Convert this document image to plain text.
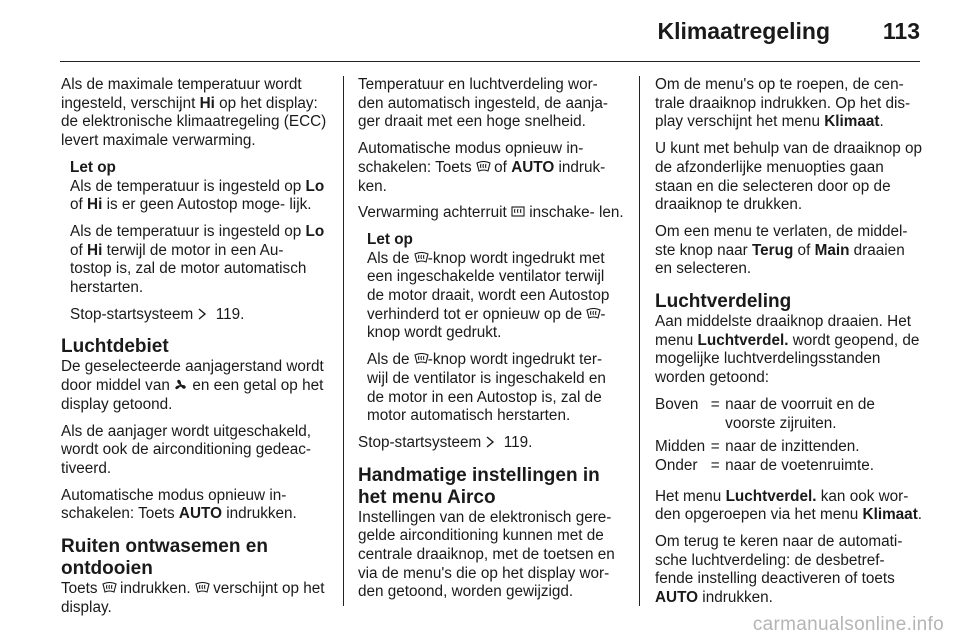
Klimaatregeling 113

Als de maximale temperatuur wordt ingesteld, verschijnt Hi op het display: de elektronische klimaatregeling (ECC) levert maximale verwarming.

Let op

Als de temperatuur is ingesteld op Lo of Hi is er geen Autostop moge- lijk.

Als de temperatuur is ingesteld op Lo of Hi terwijl de motor in een Au- tostop is, zal de motor automatisch herstarten.

Stop-startsysteem
119.

Luchtdebiet

De geselecteerde aanjagerstand wordt door middel van
en een getal op het display getoond.

Als de aanjager wordt uitgeschakeld, wordt ook de airconditioning gedeac- tiveerd.

Automatische modus opnieuw in- schakelen: Toets AUTO indrukken.

Ruiten ontwasemen en ontdooien

Toets
indrukken.
verschijnt op het display.

Temperatuur en luchtverdeling wor- den automatisch ingesteld, de aanja- ger draait met een hoge snelheid.

Automatische modus opnieuw in- schakelen: Toets
of AUTO indruk- ken.

Verwarming achterruit
inschake- len.

Let op

Als de
-knop wordt ingedrukt met een ingeschakelde ventilator terwijl de motor draait, wordt een Autostop verhinderd tot er opnieuw op de
- knop wordt gedrukt.

Als de
-knop wordt ingedrukt ter- wijl de ventilator is ingeschakeld en de motor in een Autostop is, zal de motor automatisch herstarten.

Stop-startsysteem
119.

Handmatige instellingen in het menu Airco

Instellingen van de elektronisch gere- gelde airconditioning kunnen met de centrale draaiknop, met de toetsen en via de menu's die op het display wor- den getoond, worden gewijzigd.

Om de menu's op te roepen, de cen- trale draaiknop indrukken. Op het dis- play verschijnt het menu Klimaat.

U kunt met behulp van de draaiknop op de afzonderlijke menuopties gaan staan en die selecteren door op de draaiknop te drukken.

Om een menu te verlaten, de middel- ste knop naar Terug of Main draaien en selecteren.

Luchtverdeling

Aan middelste draaiknop draaien. Het menu Luchtverdel. wordt geopend, de mogelijke luchtverdelingsstanden worden getoond:

Boven	=	naar de voorruit en de voorste zijruiten.
Midden	=	naar de inzittenden.
Onder	=	naar de voetenruimte.

Het menu Luchtverdel. kan ook wor- den opgeroepen via het menu Klimaat.

Om terug te keren naar de automati- sche luchtverdeling: de desbetref- fende instelling deactiveren of toets AUTO indrukken.

carmanualsonline.info
